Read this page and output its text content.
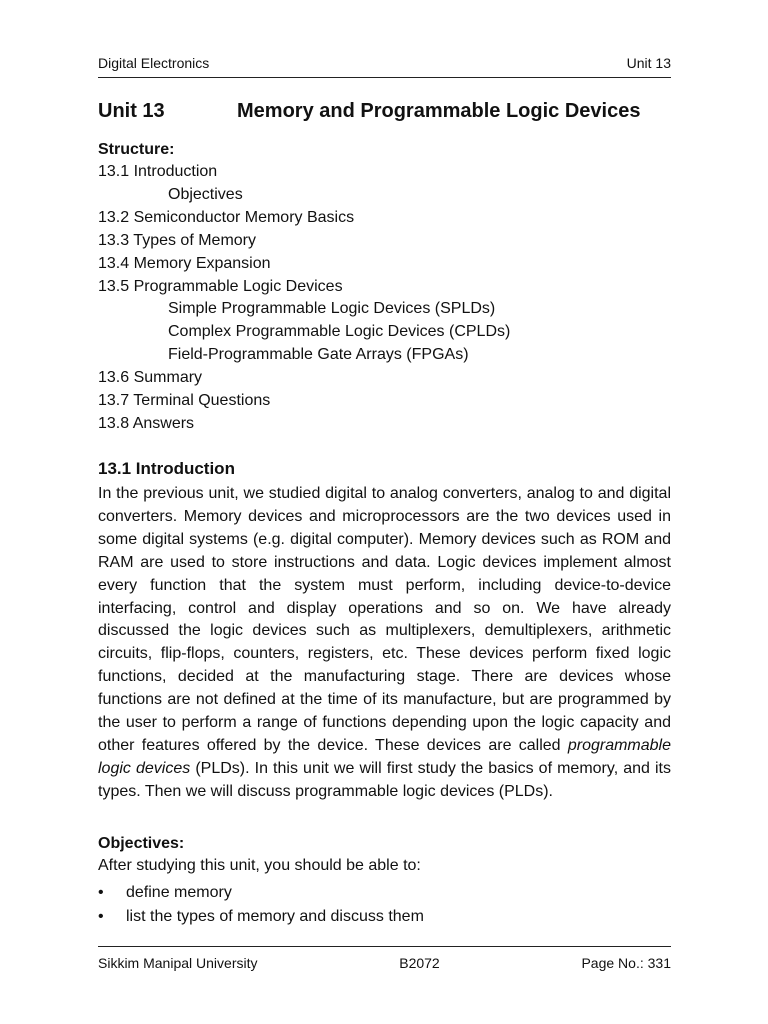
Digital Electronics	Unit 13
Unit 13	Memory and Programmable Logic Devices
Structure:
13.1 Introduction
Objectives
13.2 Semiconductor Memory Basics
13.3 Types of Memory
13.4 Memory Expansion
13.5 Programmable Logic Devices
Simple Programmable Logic Devices (SPLDs)
Complex Programmable Logic Devices (CPLDs)
Field-Programmable Gate Arrays (FPGAs)
13.6 Summary
13.7 Terminal Questions
13.8 Answers
13.1 Introduction

In the previous unit, we studied digital to analog converters, analog to and digital converters. Memory devices and microprocessors are the two devices used in some digital systems (e.g. digital computer). Memory devices such as ROM and RAM are used to store instructions and data. Logic devices implement almost every function that the system must perform, including device-to-device interfacing, control and display operations and so on. We have already discussed the logic devices such as multiplexers, demultiplexers, arithmetic circuits, flip-flops, counters, registers, etc. These devices perform fixed logic functions, decided at the manufacturing stage. There are devices whose functions are not defined at the time of its manufacture, but are programmed by the user to perform a range of functions depending upon the logic capacity and other features offered by the device. These devices are called programmable logic devices (PLDs). In this unit we will first study the basics of memory, and its types. Then we will discuss programmable logic devices (PLDs).

Objectives:
After studying this unit, you should be able to:
•	define memory
•	list the types of memory and discuss them
Sikkim Manipal University	B2072	Page No.: 331
